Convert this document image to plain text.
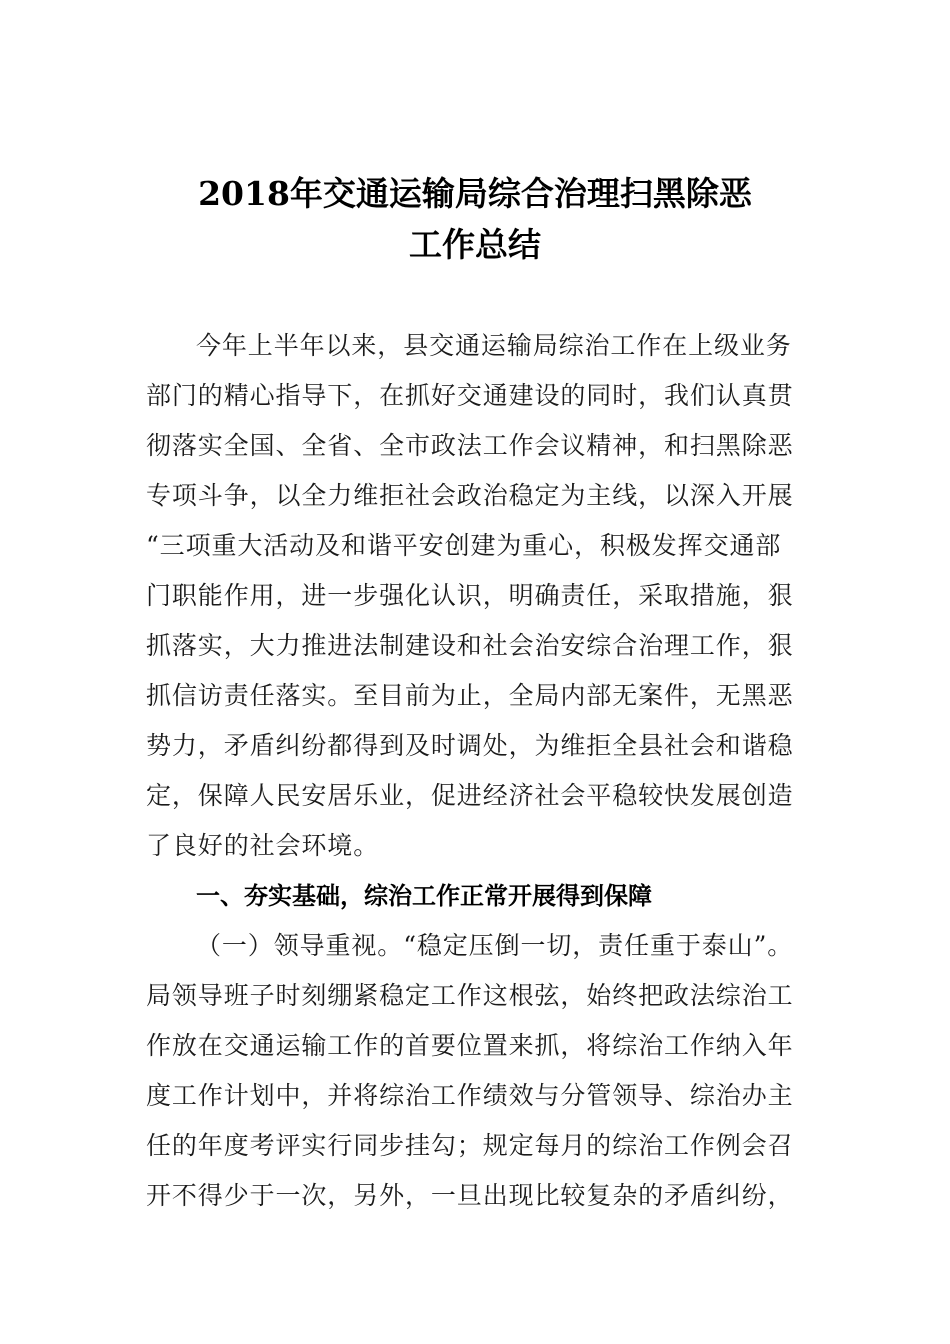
2018年交通运输局综合治理扫黑除恶
工作总结
今年上半年以来，县交通运输局综治工作在上级业务
部门的精心指导下，在抓好交通建设的同时，我们认真贯
彻落实全国、全省、全市政法工作会议精神，和扫黑除恶
专项斗争，以全力维拒社会政治稳定为主线，以深入开展
“三项重大活动及和谐平安创建为重心，积极发挥交通部
门职能作用，进一步强化认识，明确责任，采取措施，狠
抓落实，大力推进法制建设和社会治安综合治理工作，狠
抓信访责任落实。至目前为止，全局内部无案件，无黑恶
势力，矛盾纠纷都得到及时调处，为维拒全县社会和谐稳
定，保障人民安居乐业，促进经济社会平稳较快发展创造
了良好的社会环境。
一、夯实基础，综治工作正常开展得到保障
（一）领导重视。“稳定压倒一切，责任重于泰山”。
局领导班子时刻绷紧稳定工作这根弦，始终把政法综治工
作放在交通运输工作的首要位置来抓，将综治工作纳入年
度工作计划中，并将综治工作绩效与分管领导、综治办主
任的年度考评实行同步挂勾；规定每月的综治工作例会召
开不得少于一次，另外，一旦出现比较复杂的矛盾纠纷，
